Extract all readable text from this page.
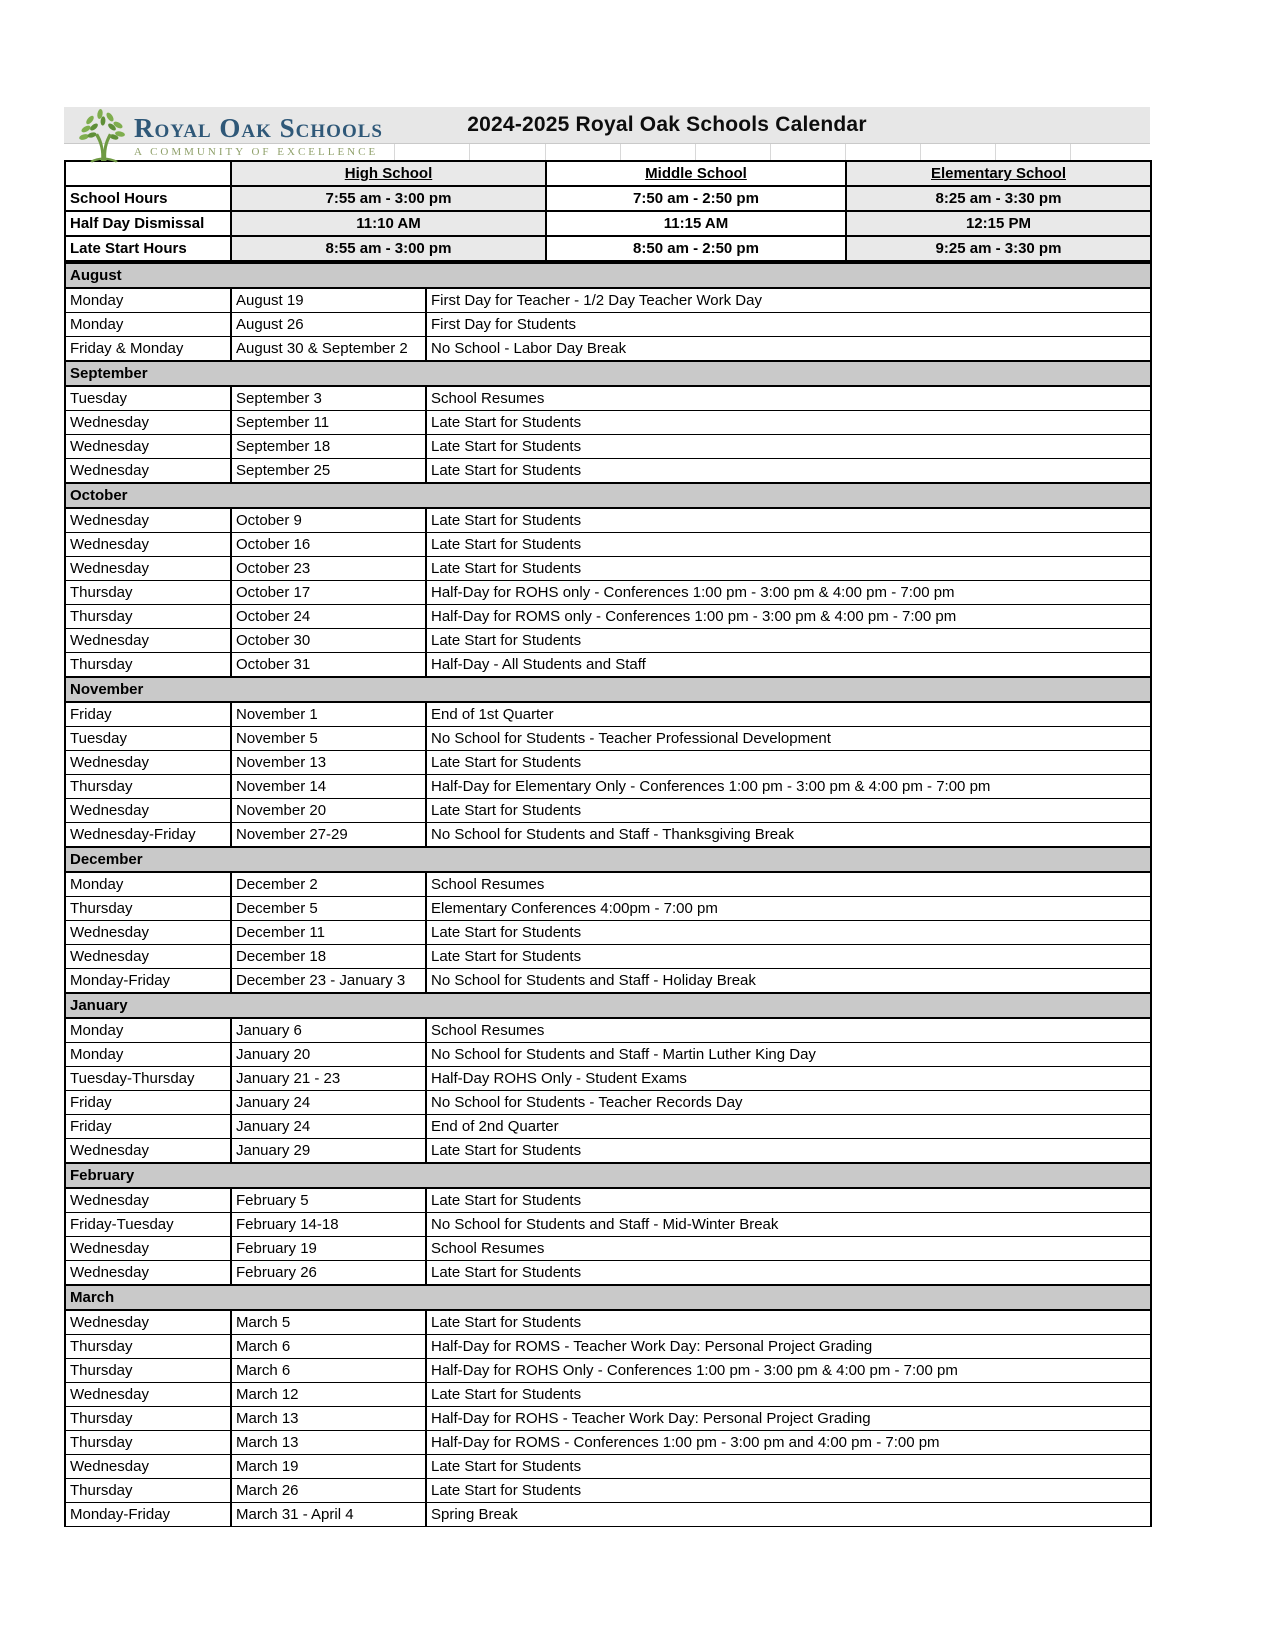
2024-2025 Royal Oak Schools Calendar
Royal Oak Schools
A COMMUNITY OF EXCELLENCE
	High School	Middle School	Elementary School
School Hours	7:55 am - 3:00 pm	7:50 am - 2:50 pm	8:25 am - 3:30 pm
Half Day Dismissal	11:10 AM	11:15 AM	12:15 PM
Late Start Hours	8:55 am - 3:00 pm	8:50 am - 2:50 pm	9:25 am - 3:30 pm
August		
Monday	August 19	First Day for Teacher - 1/2 Day Teacher Work Day
Monday	August 26	First Day for Students
Friday & Monday	August 30 & September 2	No School - Labor Day Break
September		
Tuesday	September 3	School Resumes
Wednesday	September 11	Late Start for Students
Wednesday	September 18	Late Start for Students
Wednesday	September 25	Late Start for Students
October		
Wednesday	October 9	Late Start for Students
Wednesday	October 16	Late Start for Students
Wednesday	October 23	Late Start for Students
Thursday	October 17	Half-Day for ROHS only - Conferences 1:00 pm - 3:00 pm & 4:00 pm - 7:00 pm
Thursday	October 24	Half-Day for ROMS only - Conferences 1:00 pm - 3:00 pm & 4:00 pm - 7:00 pm
Wednesday	October 30	Late Start for Students
Thursday	October 31	Half-Day - All Students and Staff
November		
Friday	November 1	End of 1st Quarter
Tuesday	November 5	No School for Students - Teacher Professional Development
Wednesday	November 13	Late Start for Students
Thursday	November 14	Half-Day for Elementary Only - Conferences 1:00 pm - 3:00 pm & 4:00 pm - 7:00 pm
Wednesday	November 20	Late Start for Students
Wednesday-Friday	November 27-29	No School for Students and Staff - Thanksgiving Break
December		
Monday	December 2	School Resumes
Thursday	December 5	Elementary Conferences 4:00pm - 7:00 pm
Wednesday	December 11	Late Start for Students
Wednesday	December 18	Late Start for Students
Monday-Friday	December 23 - January 3	No School for Students and Staff - Holiday Break
January		
Monday	January 6	School Resumes
Monday	January 20	No School for Students and Staff - Martin Luther King Day
Tuesday-Thursday	January 21 - 23	Half-Day ROHS Only - Student Exams
Friday	January 24	No School for Students - Teacher Records Day
Friday	January 24	End of 2nd Quarter
Wednesday	January 29	Late Start for Students
February		
Wednesday	February 5	Late Start for Students
Friday-Tuesday	February 14-18	No School for Students and Staff - Mid-Winter Break
Wednesday	February 19	School Resumes
Wednesday	February 26	Late Start for Students
March		
Wednesday	March 5	Late Start for Students
Thursday	March 6	Half-Day for ROMS - Teacher Work Day: Personal Project Grading
Thursday	March 6	Half-Day for ROHS Only - Conferences 1:00 pm - 3:00 pm & 4:00 pm - 7:00 pm
Wednesday	March 12	Late Start for Students
Thursday	March 13	Half-Day for ROHS - Teacher Work Day: Personal Project Grading
Thursday	March 13	Half-Day for ROMS - Conferences 1:00 pm - 3:00 pm and 4:00 pm - 7:00 pm
Wednesday	March 19	Late Start for Students
Thursday	March 26	Late Start for Students
Monday-Friday	March 31 - April 4	Spring Break
